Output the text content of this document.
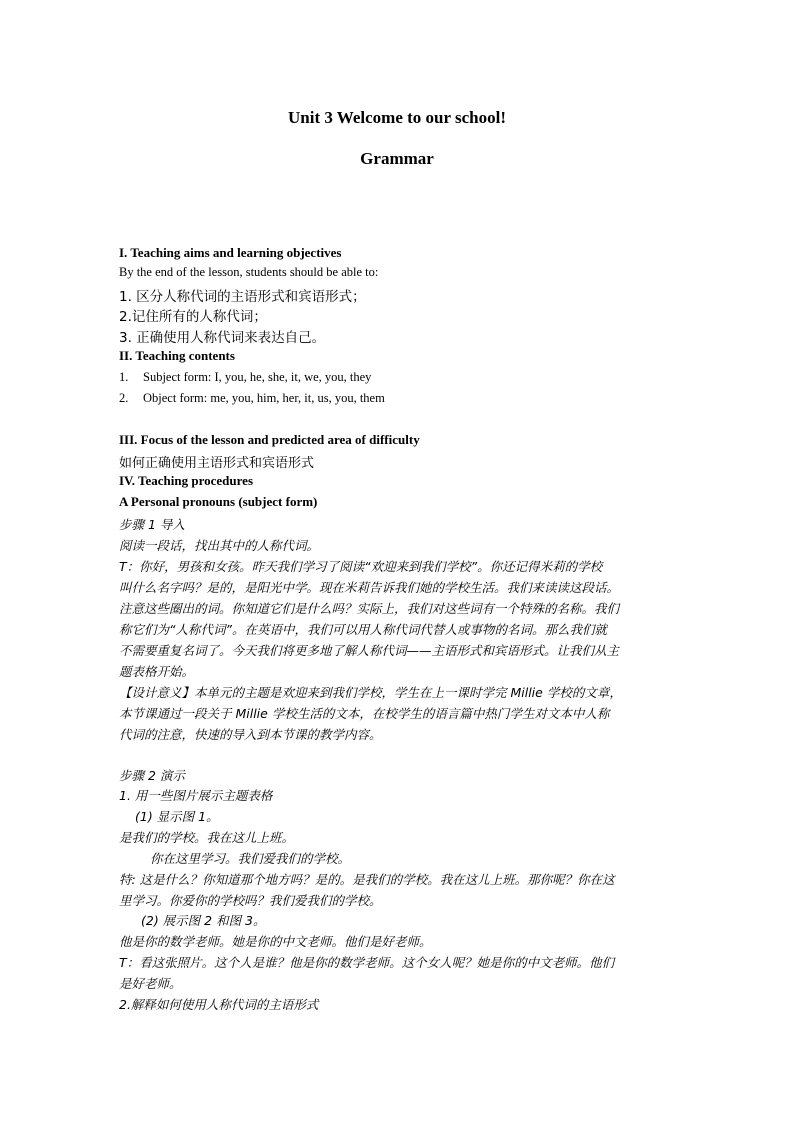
Unit 3 Welcome to our school!
Grammar
I. Teaching aims and learning objectives
By the end of the lesson, students should be able to:
1. 区分人称代词的主语形式和宾语形式；
2.记住所有的人称代词；
3. 正确使用人称代词来表达自己。
II. Teaching contents
1. Subject form: I, you, he, she, it, we, you, they
2. Object form: me, you, him, her, it, us, you, them
III. Focus of the lesson and predicted area of difficulty
如何正确使用主语形式和宾语形式
IV. Teaching procedures
A Personal pronouns (subject form)
步骤 1 导入
阅读一段话，找出其中的人称代词。
T：你好，男孩和女孩。昨天我们学习了阅读“欢迎来到我们学校”。你还记得米莉的学校
叫什么名字吗？是的，是阳光中学。现在米莉告诉我们她的学校生活。我们来读读这段话。
注意这些圈出的词。你知道它们是什么吗？实际上，我们对这些词有一个特殊的名称。我们
称它们为“人称代词”。在英语中，我们可以用人称代词代替人或事物的名词。那么我们就
不需要重复名词了。今天我们将更多地了解人称代词——主语形式和宾语形式。让我们从主
题表格开始。
【设计意义】本单元的主题是欢迎来到我们学校，学生在上一课时学完 Millie 学校的文章，
本节课通过一段关于 Millie 学校生活的文本，在校学生的语言篇中热门学生对文本中人称
代词的注意，快速的导入到本节课的教学内容。
步骤 2 演示
1. 用一些图片展示主题表格
(1) 显示图 1。
是我们的学校。我在这儿上班。
你在这里学习。我们爱我们的学校。
特: 这是什么？你知道那个地方吗？是的。是我们的学校。我在这儿上班。那你呢？你在这
里学习。你爱你的学校吗？我们爱我们的学校。
(2) 展示图 2 和图 3。
他是你的数学老师。她是你的中文老师。他们是好老师。
T：看这张照片。这个人是谁？他是你的数学老师。这个女人呢？她是你的中文老师。他们
是好老师。
2.解释如何使用人称代词的主语形式
